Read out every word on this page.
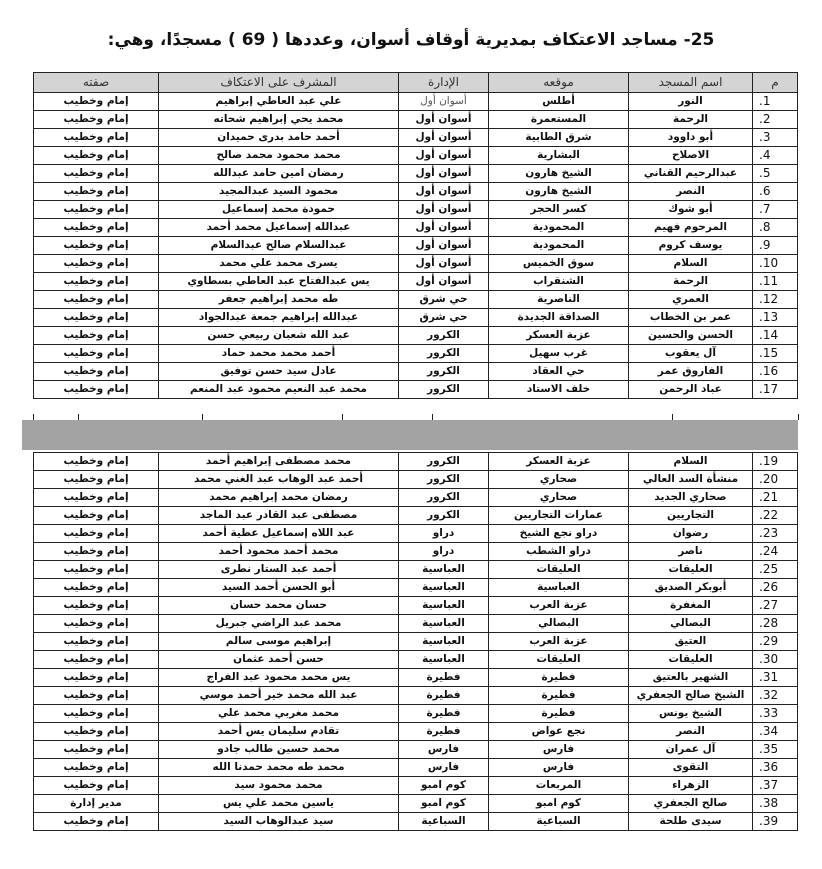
25- مساجد الاعتكاف بمديرية أوقاف أسوان، وعددها ( 69 ) مسجدًا، وهي:
م	اسم المسجد	موقعه	الإدارة	المشرف على الاعتكاف	صفته
1.	النور	أطلس	أسوان أول	علي عبد العاطي إبراهيم	إمام وخطيب
2.	الرحمة	المستعمرة	أسوان أول	محمد يحي إبراهيم شحاته	إمام وخطيب
3.	أبو داوود	شرق الطابية	أسوان أول	أحمد حامد بدرى حميدان	إمام وخطيب
4.	الاصلاح	البشارية	أسوان أول	محمد محمود محمد صالح	إمام وخطيب
5.	عبدالرحيم القناني	الشيخ هارون	أسوان أول	رمضان امين حامد عبدالله	إمام وخطيب
6.	النصر	الشيخ هارون	أسوان أول	محمود السيد عبدالمجيد	إمام وخطيب
7.	أبو شوك	كسر الحجر	أسوان أول	حمودة محمد إسماعيل	إمام وخطيب
8.	المرحوم فهيم	المحمودية	أسوان أول	عبدالله إسماعيل محمد أحمد	إمام وخطيب
9.	يوسف كروم	المحمودية	أسوان أول	عبدالسلام صالح عبدالسلام	إمام وخطيب
10.	السلام	سوق الخميس	أسوان أول	يسرى محمد علي محمد	إمام وخطيب
11.	الرحمة	الشنقراب	أسوان أول	يس عبدالفتاح عبد العاطي بسطاوي	إمام وخطيب
12.	العمري	الناصرية	حي شرق	طه محمد إبراهيم جعفر	إمام وخطيب
13.	عمر بن الخطاب	الصداقة الجديدة	حي شرق	عبدالله إبراهيم جمعة عبدالجواد	إمام وخطيب
14.	الحسن والحسين	عزبة العسكر	الكرور	عبد الله شعبان ربيعي حسن	إمام وخطيب
15.	آل يعقوب	غرب سهيل	الكرور	أحمد محمد محمد حماد	إمام وخطيب
16.	الفاروق عمر	حي العقاد	الكرور	عادل سيد حسن توفيق	إمام وخطيب
17.	عباد الرحمن	خلف الاستاد	الكرور	محمد عبد النعيم محمود عبد المنعم	إمام وخطيب
19.	السلام	عزبة العسكر	الكرور	محمد مصطفى إبراهيم أحمد	إمام وخطيب
20.	منشأة السد العالي	صحاري	الكرور	أحمد عبد الوهاب عبد الغني محمد	إمام وخطيب
21.	صحاري الجديد	صحاري	الكرور	رمضان محمد إبراهيم محمد	إمام وخطيب
22.	التجاريين	عمارات التجاريين	الكرور	مصطفى عبد القادر عبد الماجد	إمام وخطيب
23.	رضوان	دراو نجع الشيخ	دراو	عبد اللاه إسماعيل عطية أحمد	إمام وخطيب
24.	ناصر	دراو الشطب	دراو	محمد أحمد محمود أحمد	إمام وخطيب
25.	العليقات	العليقات	العباسية	أحمد عبد الستار نطرى	إمام وخطيب
26.	أبوبكر الصديق	العباسية	العباسية	أبو الحسن أحمد السيد	إمام وخطيب
27.	المغفرة	عزبة العرب	العباسية	حسان محمد حسان	إمام وخطيب
28.	البصالي	البصالي	العباسية	محمد عبد الراضي جبريل	إمام وخطيب
29.	العتيق	عزبة العرب	العباسية	إبراهيم موسى سالم	إمام وخطيب
30.	العليقات	العليقات	العباسية	حسن أحمد عثمان	إمام وخطيب
31.	الشهير بالعتيق	فطيرة	فطيرة	يس محمد محمود عبد الفراج	إمام وخطيب
32.	الشيخ صالح الجعفري	فطيرة	فطيرة	عبد الله محمد خير أحمد موسي	إمام وخطيب
33.	الشيخ يونس	فطيرة	فطيرة	محمد مغربي محمد علي	إمام وخطيب
34.	النصر	نجع عواض	فطيرة	تقادم سليمان يس أحمد	إمام وخطيب
35.	آل عمران	فارس	فارس	محمد حسين طالب جادو	إمام وخطيب
36.	التقوى	فارس	فارس	محمد طه محمد حمدنا الله	إمام وخطيب
37.	الزهراء	المربعات	كوم امبو	محمد محمود سيد	إمام وخطيب
38.	صالح الجعفري	كوم امبو	كوم امبو	ياسين محمد علي يس	مدير إدارة
39.	سيدى طلحة	السباعية	السباعية	سيد عبدالوهاب السيد	إمام وخطيب
